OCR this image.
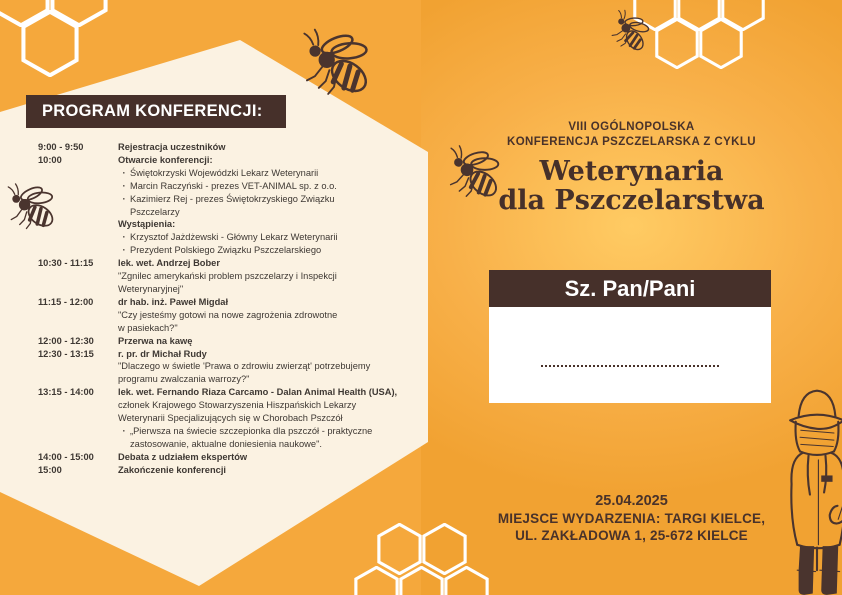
PROGRAM KONFERENCJI:
9:00 - 9:50	Rejestracja uczestników
10:00	Otwarcie konferencji:
· Świętokrzyski Wojewódzki Lekarz Weterynarii
· Marcin Raczyński - prezes VET-ANIMAL sp. z o.o.
· Kazimierz Rej - prezes Świętokrzyskiego Związku
Pszczelarzy
Wystąpienia:
· Krzysztof Jażdżewski - Główny Lekarz Weterynarii
· Prezydent Polskiego Związku Pszczelarskiego
10:30 - 11:15	lek. wet. Andrzej Bober
"Zgnilec amerykański problem pszczelarzy i Inspekcji
Weterynaryjnej"
11:15 - 12:00	dr hab. inż. Paweł Migdał
"Czy jesteśmy gotowi na nowe zagrożenia zdrowotne
w pasiekach?"
12:00 - 12:30	Przerwa na kawę
12:30 - 13:15	r. pr. dr Michał Rudy
"Dlaczego w świetle 'Prawa o zdrowiu zwierząt' potrzebujemy
programu zwalczania warrozy?"
13:15 - 14:00	lek. wet. Fernando Riaza Carcamo - Dalan Animal Health (USA),
członek Krajowego Stowarzyszenia Hiszpańskich Lekarzy
Weterynarii Specjalizujących się w Chorobach Pszczół
· „Pierwsza na świecie szczepionka dla pszczół - praktyczne
zastosowanie, aktualne doniesienia naukowe".
14:00 - 15:00	Debata z udziałem ekspertów
15:00	Zakończenie konferencji
VIII OGÓLNOPOLSKA
KONFERENCJA PSZCZELARSKA Z CYKLU
Weterynaria
dla Pszczelarstwa
Sz. Pan/Pani
25.04.2025
MIEJSCE WYDARZENIA: TARGI KIELCE,
UL. ZAKŁADOWA 1, 25-672 KIELCE
